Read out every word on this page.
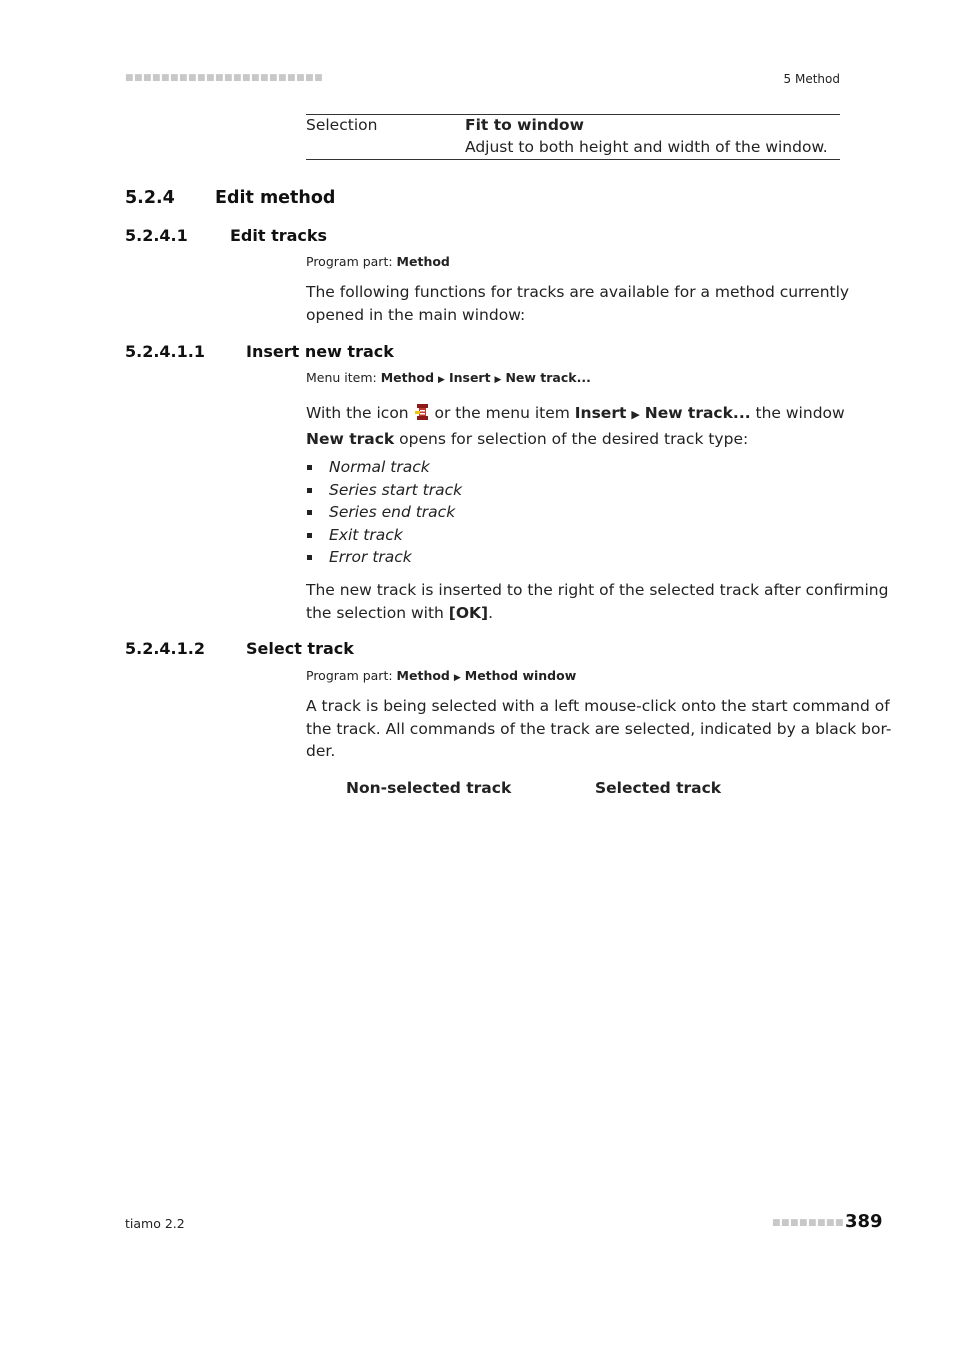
■■■■■■■■■■■■■■■■■■■■■■	5 Method
Selection	Fit to window
Adjust to both height and width of the window.
5.2.4 Edit method
5.2.4.1	Edit tracks
Program part: Method
The following functions for tracks are available for a method currently
opened in the main window:
5.2.4.1.1	Insert new track
Menu item: Method ▶ Insert ▶ New track...
With the icon  or the menu item Insert ▶ New track... the window
New track opens for selection of the desired track type:
Normal track
Series start track
Series end track
Exit track
Error track
The new track is inserted to the right of the selected track after confirming
the selection with [OK].
5.2.4.1.2	Select track
Program part: Method ▶ Method window
A track is being selected with a left mouse-click onto the start command of
the track. All commands of the track are selected, indicated by a black bor-
der.
Non-selected track	Selected track
tiamo 2.2	■■■■■■■■ 389
